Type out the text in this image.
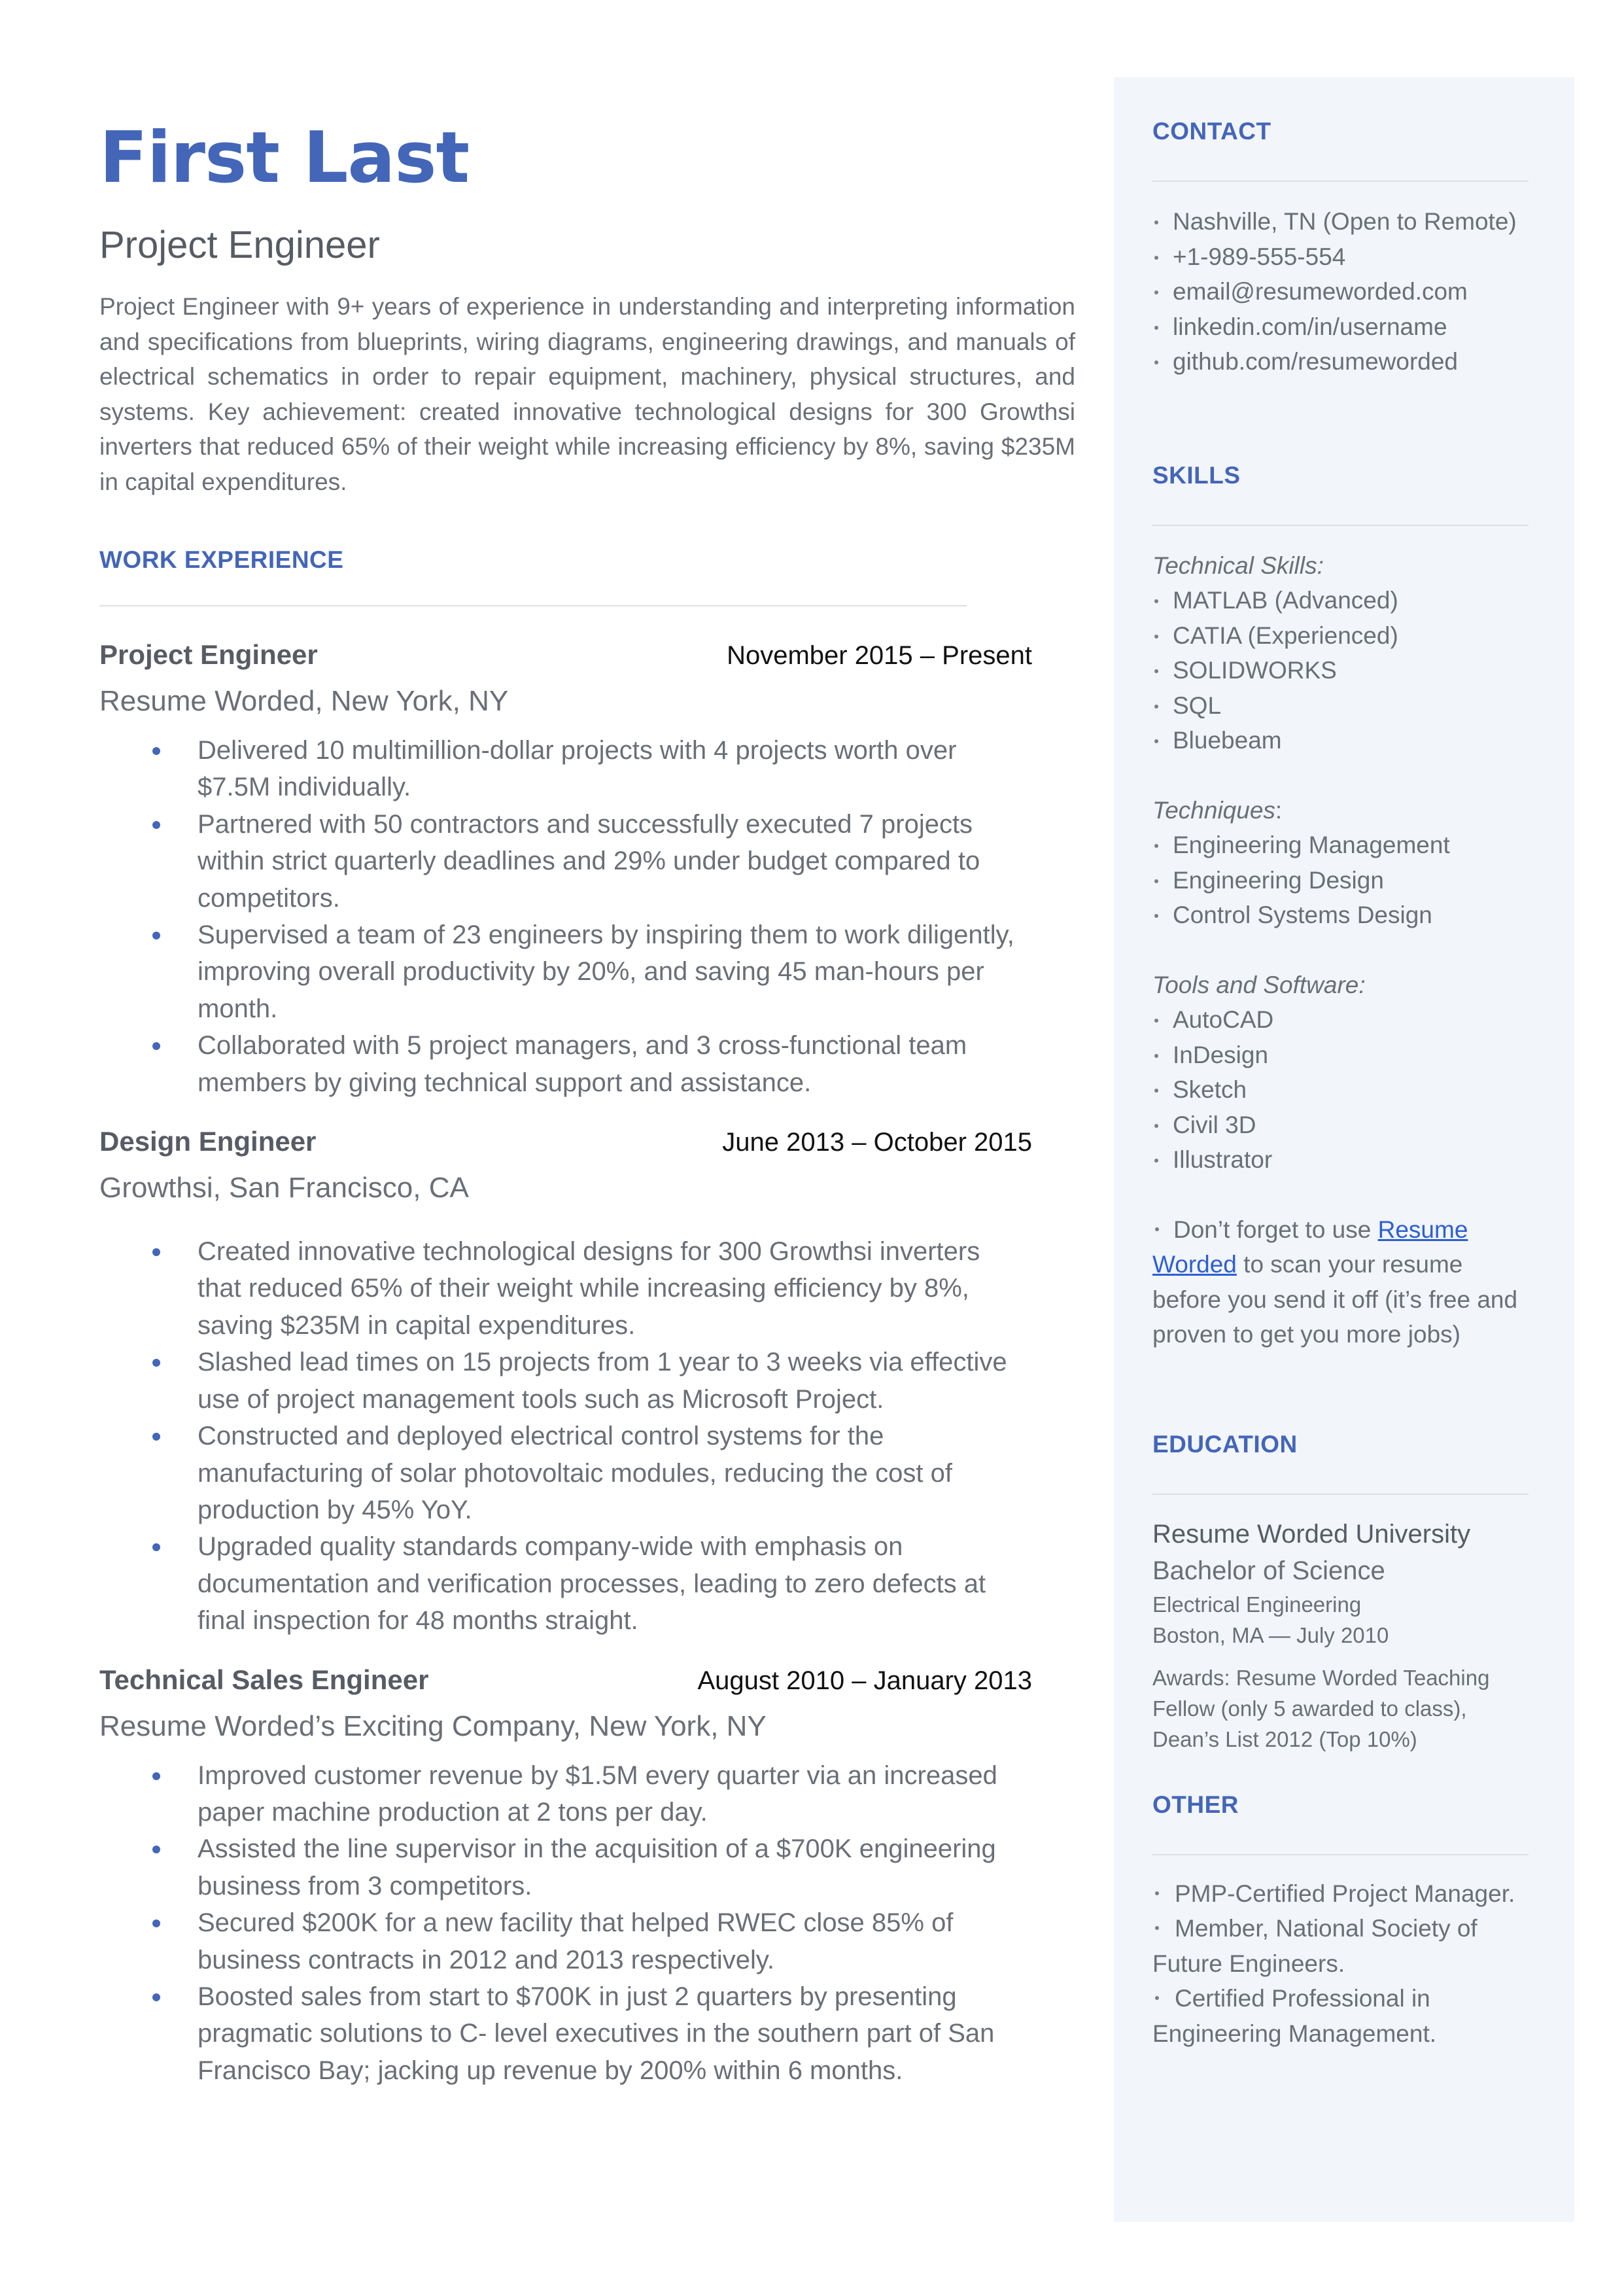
First Last
Project Engineer
Project Engineer with 9+ years of experience in understanding and interpreting information and specifications from blueprints, wiring diagrams, engineering drawings, and manuals of electrical schematics in order to repair equipment, machinery, physical structures, and systems. Key achievement: created innovative technological designs for 300 Growthsi inverters that reduced 65% of their weight while increasing efficiency by 8%, saving $235M in capital expenditures.
WORK EXPERIENCE
Project Engineer	November 2015 – Present
Resume Worded, New York, NY
Delivered 10 multimillion-dollar projects with 4 projects worth over $7.5M individually.
Partnered with 50 contractors and successfully executed 7 projects within strict quarterly deadlines and 29% under budget compared to competitors.
Supervised a team of 23 engineers by inspiring them to work diligently, improving overall productivity by 20%, and saving 45 man-hours per month.
Collaborated with 5 project managers, and 3 cross-functional team members by giving technical support and assistance.
Design Engineer	June 2013 – October 2015
Growthsi, San Francisco, CA
Created innovative technological designs for 300 Growthsi inverters that reduced 65% of their weight while increasing efficiency by 8%, saving $235M in capital expenditures.
Slashed lead times on 15 projects from 1 year to 3 weeks via effective use of project management tools such as Microsoft Project.
Constructed and deployed electrical control systems for the manufacturing of solar photovoltaic modules, reducing the cost of production by 45% YoY.
Upgraded quality standards company-wide with emphasis on documentation and verification processes, leading to zero defects at final inspection for 48 months straight.
Technical Sales Engineer	August 2010 – January 2013
Resume Worded’s Exciting Company, New York, NY
Improved customer revenue by $1.5M every quarter via an increased paper machine production at 2 tons per day.
Assisted the line supervisor in the acquisition of a $700K engineering business from 3 competitors.
Secured $200K for a new facility that helped RWEC close 85% of business contracts in 2012 and 2013 respectively.
Boosted sales from start to $700K in just 2 quarters by presenting pragmatic solutions to C- level executives in the southern part of San Francisco Bay; jacking up revenue by 200% within 6 months.
CONTACT
Nashville, TN (Open to Remote)
+1-989-555-554
email@resumeworded.com
linkedin.com/in/username
github.com/resumeworded
SKILLS
Technical Skills:
MATLAB (Advanced)
CATIA (Experienced)
SOLIDWORKS
SQL
Bluebeam
Techniques:
Engineering Management
Engineering Design
Control Systems Design
Tools and Software:
AutoCAD
InDesign
Sketch
Civil 3D
Illustrator
Don’t forget to use Resume Worded to scan your resume before you send it off (it’s free and proven to get you more jobs)
EDUCATION
Resume Worded University
Bachelor of Science
Electrical Engineering
Boston, MA — July 2010
Awards: Resume Worded Teaching Fellow (only 5 awarded to class), Dean’s List 2012 (Top 10%)
OTHER
PMP-Certified Project Manager.
Member, National Society of Future Engineers.
Certified Professional in Engineering Management.
